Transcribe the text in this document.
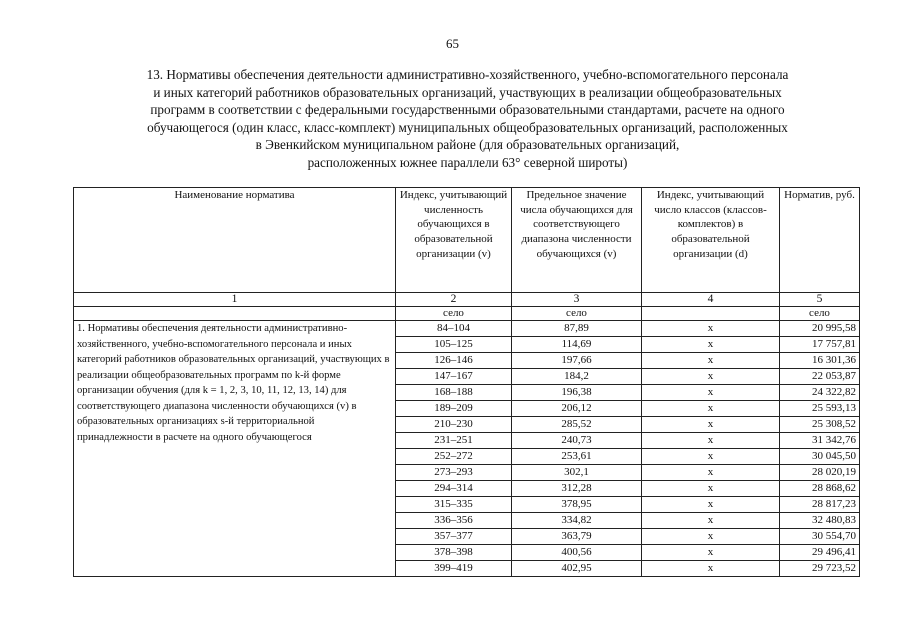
65
13. Нормативы обеспечения деятельности административно-хозяйственного, учебно-вспомогательного персонала
и иных категорий работников образовательных организаций, участвующих в реализации общеобразовательных
программ в соответствии с федеральными государственными образовательными стандартами, расчете на одного
обучающегося (один класс, класс-комплект) муниципальных общеобразовательных организаций, расположенных
в Эвенкийском муниципальном районе (для образовательных организаций,
расположенных южнее параллели 63° северной широты)
Наименование норматива	Индекс, учитывающий численность обучающихся в образовательной организации (v)	Предельное значение числа обучающихся для соответствующего диапазона численности обучающихся (v)	Индекс, учитывающий число классов (классов-комплектов) в образовательной организации (d)	Норматив, руб.
1	2	3	4	5
	село	село		село
1. Нормативы обеспечения деятельности административно-хозяйственного, учебно-вспомогательного персонала и иных категорий работников образовательных организаций, участвующих в реализации общеобразовательных программ по k-й форме организации обучения (для k = 1, 2, 3, 10, 11, 12, 13, 14) для соответствующего диапазона численности обучающихся (v) в образовательных организациях s-й территориальной принадлежности в расчете на одного обучающегося	84–104	87,89	x	20 995,58
	105–125	114,69	x	17 757,81
	126–146	197,66	x	16 301,36
	147–167	184,2	x	22 053,87
	168–188	196,38	x	24 322,82
	189–209	206,12	x	25 593,13
	210–230	285,52	x	25 308,52
	231–251	240,73	x	31 342,76
	252–272	253,61	x	30 045,50
	273–293	302,1	x	28 020,19
	294–314	312,28	x	28 868,62
	315–335	378,95	x	28 817,23
	336–356	334,82	x	32 480,83
	357–377	363,79	x	30 554,70
	378–398	400,56	x	29 496,41
	399–419	402,95	x	29 723,52
